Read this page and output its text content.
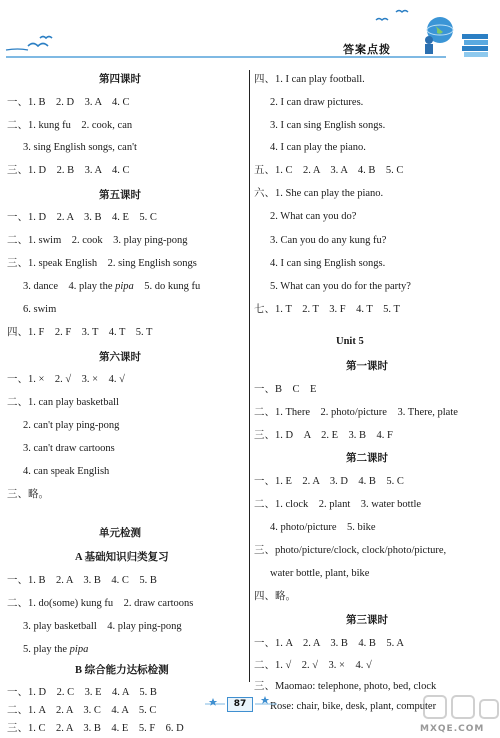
答案点拨
第四课时
一、1. B　2. D　3. A　4. C
二、1. kung fu　2. cook, can
3. sing English songs, can't
三、1. D　2. B　3. A　4. C
第五课时
一、1. D　2. A　3. B　4. E　5. C
二、1. swim　2. cook　3. play ping-pong
三、1. speak English　2. sing English songs
3. dance　4. play the pipa　5. do kung fu
6. swim
四、1. F　2. F　3. T　4. T　5. T
第六课时
一、1. ×　2. √　3. ×　4. √
二、1. can play basketball
2. can't play ping-pong
3. can't draw cartoons
4. can speak English
三、略。
单元检测
A 基础知识归类复习
一、1. B　2. A　3. B　4. C　5. B
二、1. do(some) kung fu　2. draw cartoons
3. play basketball　4. play ping-pong
5. play the pipa
B 综合能力达标检测
一、1. D　2. C　3. E　4. A　5. B
二、1. A　2. A　3. C　4. A　5. C
三、1. C　2. A　3. B　4. E　5. F　6. D
四、1. I can play football.
2. I can draw pictures.
3. I can sing English songs.
4. I can play the piano.
五、1. C　2. A　3. A　4. B　5. C
六、1. She can play the piano.
2. What can you do?
3. Can you do any kung fu?
4. I can sing English songs.
5. What can you do for the party?
七、1. T　2. T　3. F　4. T　5. T
Unit 5
第一课时
一、B　C　E
二、1. There　2. photo/picture　3. There, plate
三、1. D　A　2. E　3. B　4. F
第二课时
一、1. E　2. A　3. D　4. B　5. C
二、1. clock　2. plant　3. water bottle
4. photo/picture　5. bike
三、photo/picture/clock, clock/photo/picture,
water bottle, plant, bike
四、略。
第三课时
一、1. A　2. A　3. B　4. B　5. A
二、1. √　2. √　3. ×　4. √
三、Maomao: telephone, photo, bed, clock
Rose: chair, bike, desk, plant, computer
87
MXQE.COM
